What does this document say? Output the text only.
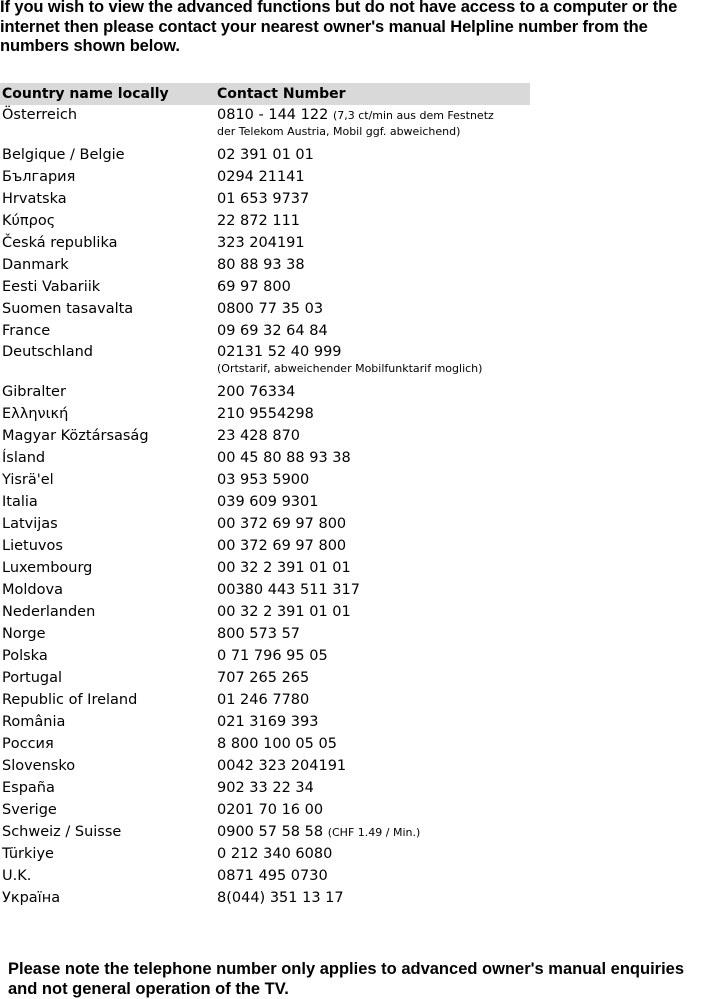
If you wish to view the advanced functions but do not have access to a computer or the internet then please contact your nearest owner's manual Helpline number from the numbers shown below.

Country name locally	Contact Number
Österreich	0810 - 144 122 (7,3 ct/min aus dem Festnetz
der Telekom Austria, Mobil ggf. abweichend)
Belgique / Belgie	02 391 01 01
България	0294 21141
Hrvatska	01 653 9737
Κύπρος	22 872 111
Česká republika	323 204191
Danmark	80 88 93 38
Eesti Vabariik	69 97 800
Suomen tasavalta	0800 77 35 03
France	09 69 32 64 84
Deutschland	02131 52 40 999
(Ortstarif, abweichender Mobilfunktarif moglich)
Gibralter	200 76334
Ελληνική	210 9554298
Magyar Köztársaság	23 428 870
Ísland	00 45 80 88 93 38
Yisrä'el	03 953 5900
Italia	039 609 9301
Latvijas	00 372 69 97 800
Lietuvos	00 372 69 97 800
Luxembourg	00 32 2 391 01 01
Moldova	00380 443 511 317
Nederlanden	00 32 2 391 01 01
Norge	800 573 57
Polska	0 71 796 95 05
Portugal	707 265 265
Republic of Ireland	01 246 7780
România	021 3169 393
Россия	8 800 100 05 05
Slovensko	0042 323 204191
España	902 33 22 34
Sverige	0201 70 16 00
Schweiz / Suisse	0900 57 58 58 (CHF 1.49 / Min.)
Türkiye	0 212 340 6080
U.K.	0871 495 0730
Україна	8(044) 351 13 17

Please note the telephone number only applies to advanced owner's manual enquiries and not general operation of the TV.
